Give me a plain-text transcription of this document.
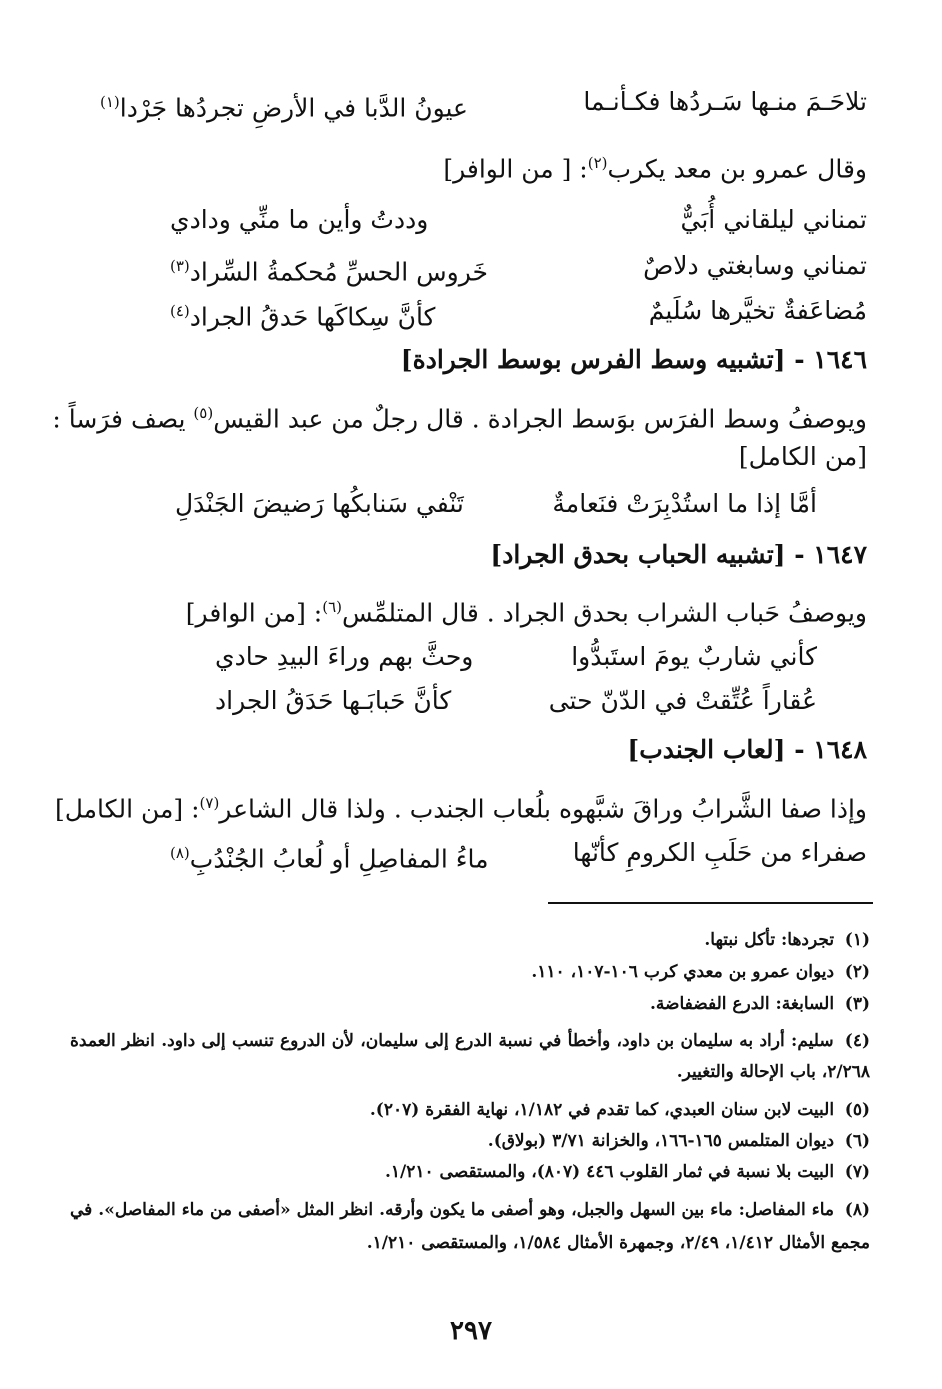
تلاحَـمَ منـها سَـردُها فكـأنـما
عيونُ الدَّبا في الأرضِ تجردُها جَرْدا$^{(١)}$
وقال عمرو بن معد يكرب$^{(٢)}$: [ من الوافر]
تمناني ليلقاني أُبَيٌّ
وددتُ وأين ما منِّي ودادي
تمناني وسابغتي دلاصٌ
خَروس الحسِّ مُحكمةُ السِّراد$^{(٣)}$
مُضاعَفةٌ تخيَّرها سُلَيمٌ
كأنَّ سِكاكَها حَدقُ الجراد$^{(٤)}$
١٦٤٦ - [تشبيه وسط الفرس بوسط الجرادة]
ويوصفُ وسط الفرَس بوَسط الجرادة . قال رجلٌ من عبد القيس$^{(٥)}$ يصف فرَساً :
[من الكامل]
أمَّا إذا ما استُدْبِرَتْ فنَعامةٌ
تَنْفي سَنابكُها رَضيضَ الجَنْدَلِ
١٦٤٧ - [تشبيه الحباب بحدق الجراد]
ويوصفُ حَباب الشراب بحدق الجراد . قال المتلمِّس$^{(٦)}$: [من الوافر]
كأني شاربٌ يومَ استَبدُّوا
وحثَّ بهم وراءَ البيدِ حادي
عُقاراً عُتِّقتْ في الدّنّ حتى
كأنَّ حَبابَـها حَدَقُ الجراد
١٦٤٨ - [لعاب الجندب]
وإذا صفا الشَّرابُ وراقَ شبَّهوه بلُعاب الجندب . ولذا قال الشاعر$^{(٧)}$: [من الكامل]
صفراء من حَلَبِ الكرومِ كأنّها
ماءُ المفاصِلِ أو لُعابُ الجُنْدُبِ$^{(٨)}$
(١) تجردها: تأكل نبتها.
(٢) ديوان عمرو بن معدي كرب ١٠٦-١٠٧، ١١٠.
(٣) السابغة: الدرع الفضفاضة.
(٤) سليم: أراد به سليمان بن داود، وأخطأ في نسبة الدرع إلى سليمان، لأن الدروع تنسب إلى داود. انظر العمدة ٢/٢٦٨، باب الإحالة والتغيير.
(٥) البيت لابن سنان العبدي، كما تقدم في ١/١٨٢، نهاية الفقرة (٢٠٧).
(٦) ديوان المتلمس ١٦٥-١٦٦، والخزانة ٣/٧١ (بولاق).
(٧) البيت بلا نسبة في ثمار القلوب ٤٤٦ (٨٠٧)، والمستقصى ١/٢١٠.
(٨) ماء المفاصل: ماء بين السهل والجبل، وهو أصفى ما يكون وأرقه. انظر المثل «أصفى من ماء المفاصل». في مجمع الأمثال ١/٤١٢، ٢/٤٩، وجمهرة الأمثال ١/٥٨٤، والمستقصى ١/٢١٠.
٢٩٧
